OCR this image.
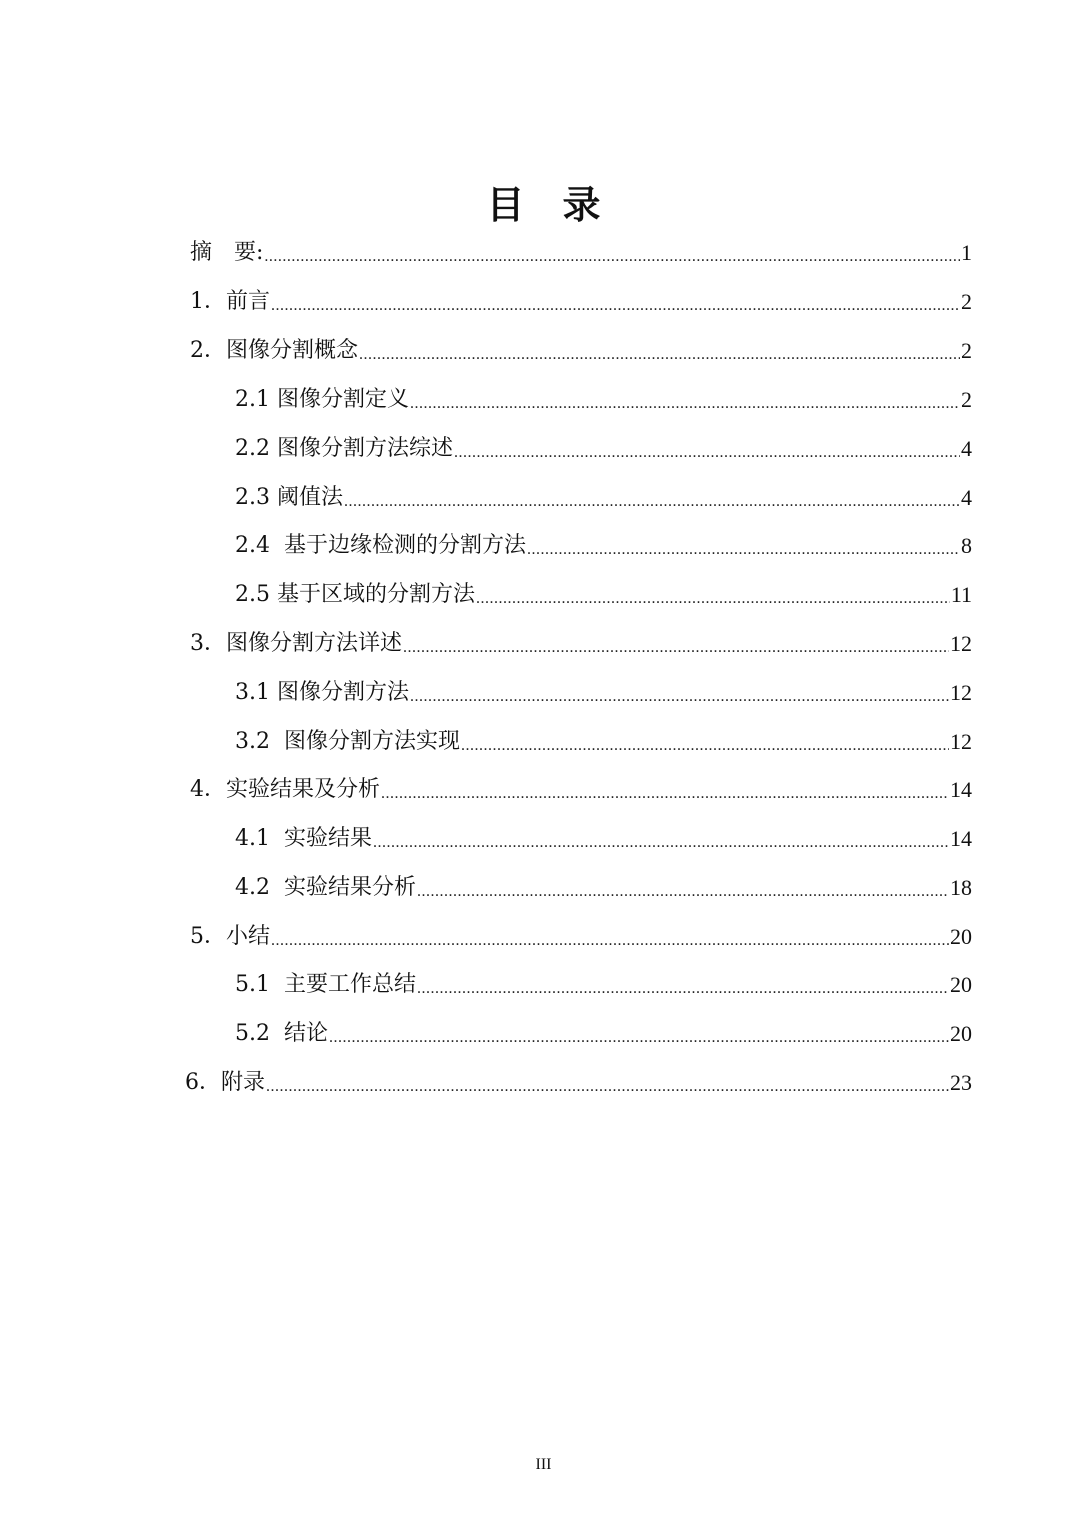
目　录
摘　要: .....	1
1．前言 .....	2
2．图像分割概念 .....	2
2.1 图像分割定义 .....	2
2.2 图像分割方法综述 .....	4
2.3 阈值法 .....	4
2.4  基于边缘检测的分割方法 .....	8
2.5 基于区域的分割方法 .....	11
3．图像分割方法详述 .....	12
3.1 图像分割方法 .....	12
3.2  图像分割方法实现 .....	12
4．实验结果及分析 .....	14
4.1  实验结果 .....	14
4.2  实验结果分析 .....	18
5．小结 .....	20
5.1  主要工作总结 .....	20
5.2  结论 .....	20
6．附录 .....	23
III
